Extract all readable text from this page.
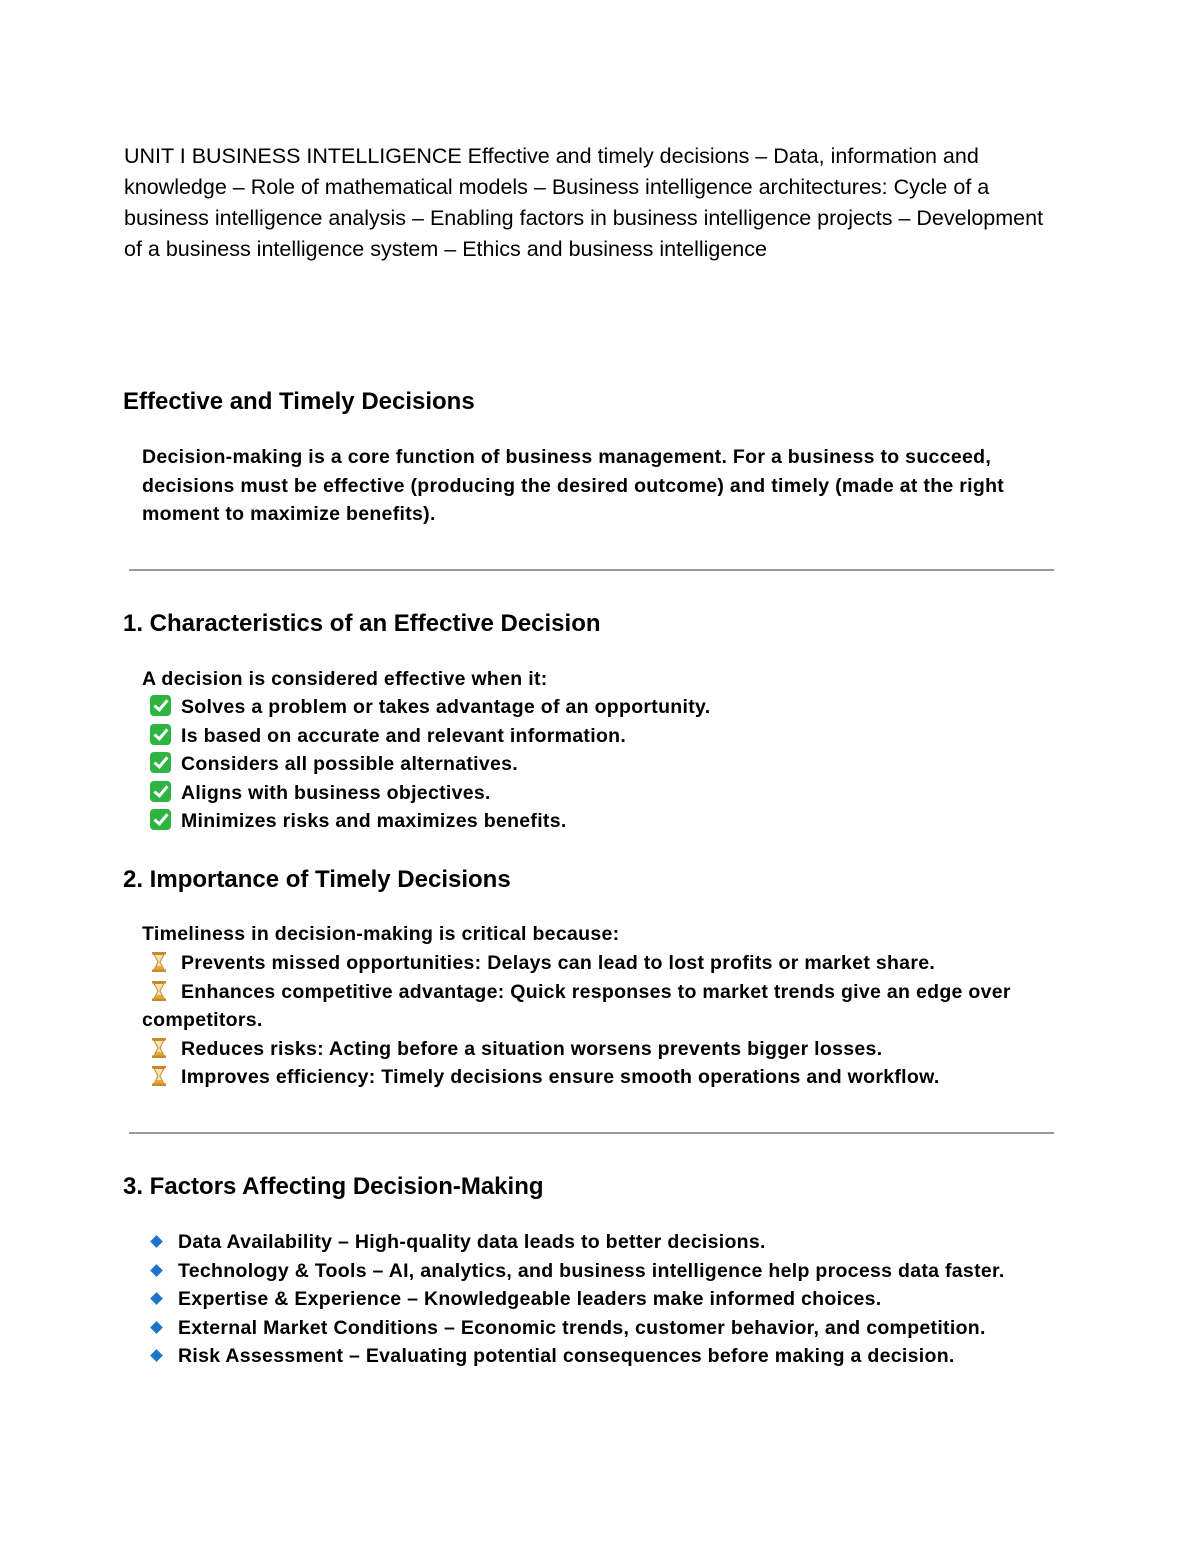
UNIT I BUSINESS INTELLIGENCE Effective and timely decisions – Data, information and knowledge – Role of mathematical models – Business intelligence architectures: Cycle of a business intelligence analysis – Enabling factors in business intelligence projects – Development of a business intelligence system – Ethics and business intelligence

Effective and Timely Decisions

Decision-making is a core function of business management. For a business to succeed, decisions must be effective (producing the desired outcome) and timely (made at the right moment to maximize benefits).

1. Characteristics of an Effective Decision

A decision is considered effective when it:

Solves a problem or takes advantage of an opportunity.
Is based on accurate and relevant information.
Considers all possible alternatives.
Aligns with business objectives.
Minimizes risks and maximizes benefits.
2. Importance of Timely Decisions

Timeliness in decision-making is critical because:

Prevents missed opportunities: Delays can lead to lost profits or market share.
Enhances competitive advantage: Quick responses to market trends give an edge over competitors.
Reduces risks: Acting before a situation worsens prevents bigger losses.
Improves efficiency: Timely decisions ensure smooth operations and workflow.
3. Factors Affecting Decision-Making
Data Availability – High-quality data leads to better decisions.
Technology & Tools – AI, analytics, and business intelligence help process data faster.
Expertise & Experience – Knowledgeable leaders make informed choices.
External Market Conditions – Economic trends, customer behavior, and competition.
Risk Assessment – Evaluating potential consequences before making a decision.
